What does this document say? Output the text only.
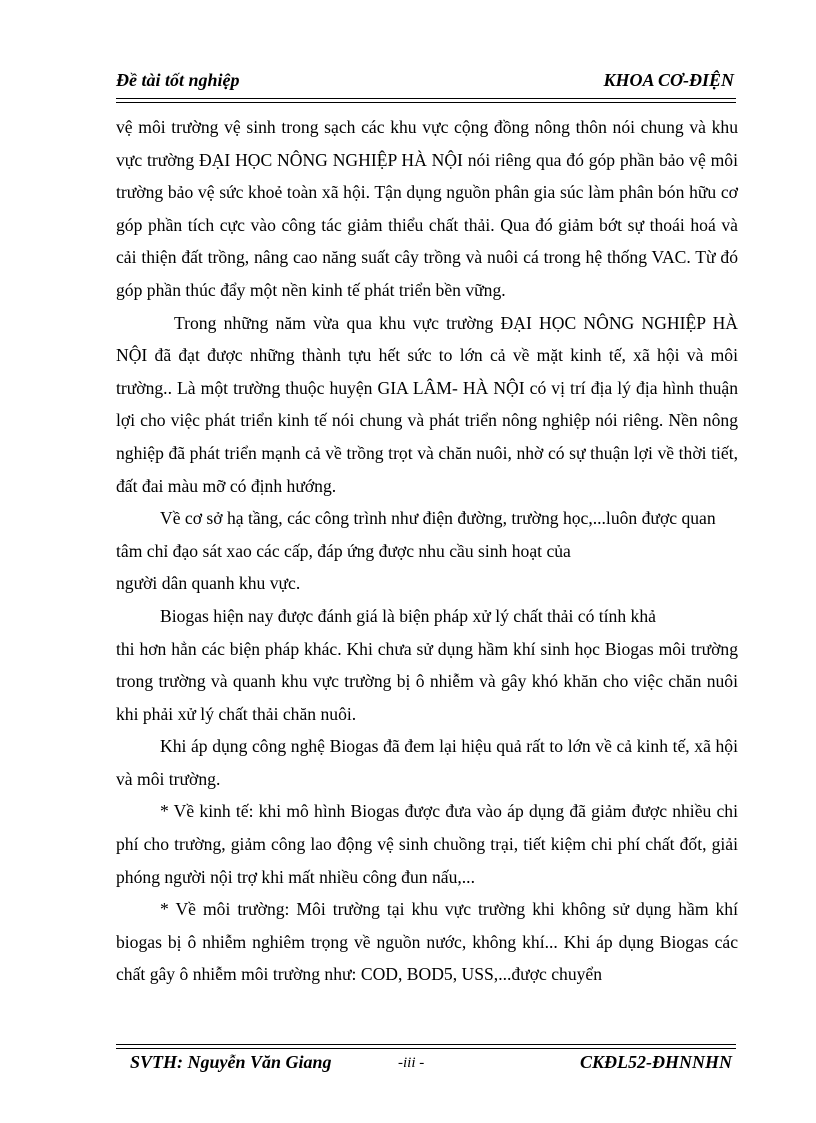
Đề tài tốt nghiệp	KHOA CƠ-ĐIỆN

vệ môi trường vệ sinh trong sạch các khu vực cộng đồng nông thôn nói chung và khu vực trường ĐẠI HỌC NÔNG NGHIỆP HÀ NỘI nói riêng qua đó góp phần bảo vệ môi trường bảo vệ sức khoẻ toàn xã hội. Tận dụng nguồn phân gia súc làm phân bón hữu cơ góp phần tích cực vào công tác giảm thiểu chất thải. Qua đó giảm bớt sự thoái hoá và cải thiện đất trồng, nâng cao năng suất cây trồng và nuôi cá trong hệ thống VAC. Từ đó góp phần thúc đẩy một nền kinh tế phát triển bền vững.

Trong những năm vừa qua khu vực trường ĐẠI HỌC NÔNG NGHIỆP HÀ NỘI đã đạt được những thành tựu hết sức to lớn cả về mặt kinh tế, xã hội và môi trường.. Là một trường thuộc huyện GIA LÂM- HÀ NỘI có vị trí địa lý địa hình thuận lợi cho việc phát triển kinh tế nói chung và phát triển nông nghiệp nói riêng. Nền nông nghiệp đã phát triển mạnh cả về trồng trọt và chăn nuôi, nhờ có sự thuận lợi về thời tiết, đất đai màu mỡ có định hướng.

Về cơ sở hạ tầng, các công trình như điện đường, trường học,...luôn được quan tâm chỉ đạo sát xao các cấp, đáp ứng được nhu cầu sinh hoạt của

người dân quanh khu vực.

Biogas hiện nay được đánh giá là biện pháp xử lý chất thải có tính khả

thi hơn hẳn các biện pháp khác. Khi chưa sử dụng hầm khí sinh học Biogas môi trường trong trường và quanh khu vực trường bị ô nhiễm và gây khó khăn cho việc chăn nuôi khi phải xử lý chất thải chăn nuôi.

Khi áp dụng công nghệ Biogas đã đem lại hiệu quả rất to lớn về cả kinh tế, xã hội và môi trường.

* Về kinh tế: khi mô hình Biogas được đưa vào áp dụng đã giảm được nhiều chi phí cho trường, giảm công lao động vệ sinh chuồng trại, tiết kiệm chi phí chất đốt, giải phóng người nội trợ khi mất nhiều công đun nấu,...

* Về môi trường: Môi trường tại khu vực trường khi không sử dụng hầm khí biogas bị ô nhiễm nghiêm trọng về nguồn nước, không khí... Khi áp dụng Biogas các chất gây ô nhiễm môi trường như: COD, BOD5, USS,...được chuyển

SVTH: Nguyễn Văn Giang	-iii -	CKĐL52-ĐHNNHN
